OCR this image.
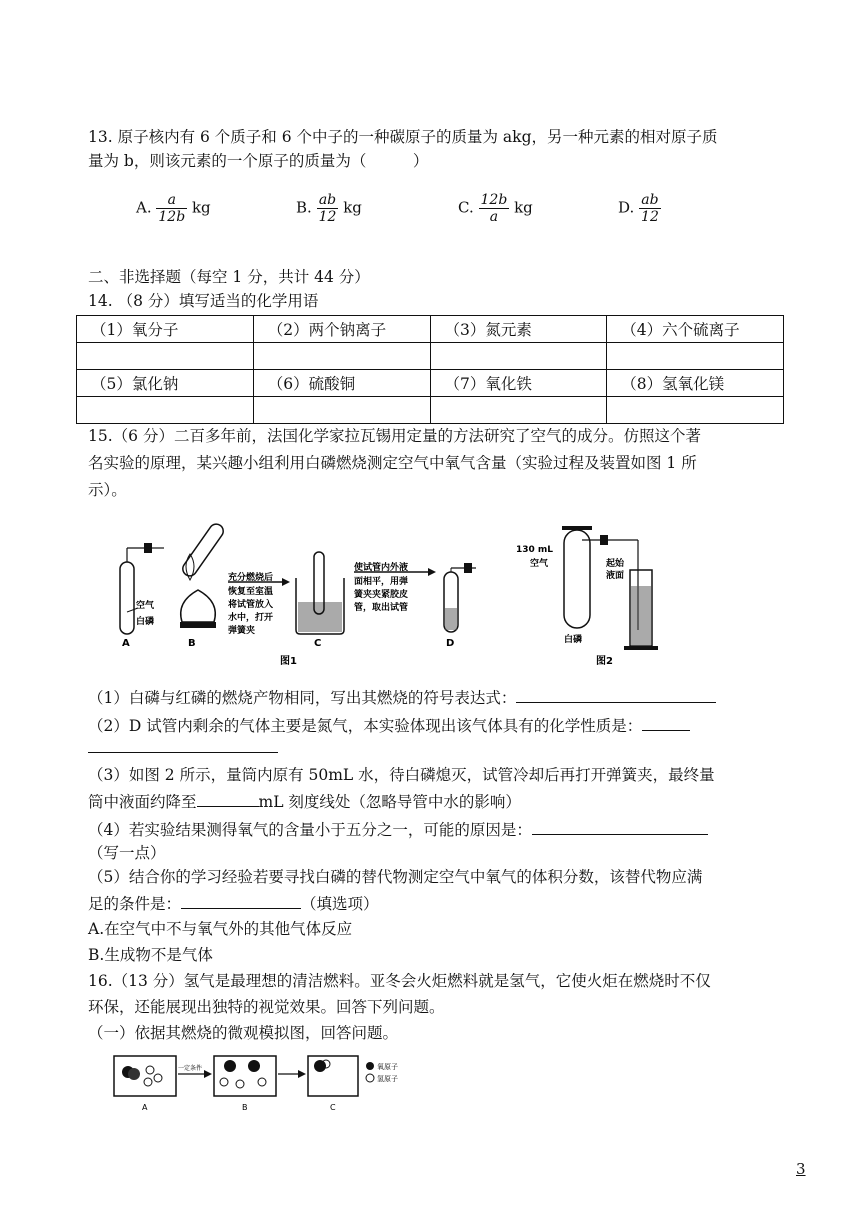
13. 原子核内有 6 个质子和 6 个中子的一种碳原子的质量为 akg，另一种元素的相对原子质
量为 b，则该元素的一个原子的质量为（　　　）
A. $\frac{a}{12b}$ kg	B. $\frac{ab}{12}$ kg	C. $\frac{12b}{a}$ kg	D. $\frac{ab}{12}$
二、非选择题（每空 1 分，共计 44 分）
14. （8 分）填写适当的化学用语
（1）氧分子	（2）两个钠离子	（3）氮元素	（4）六个硫离子

（5）氯化钠	（6）硫酸铜	（7）氧化铁	（8）氢氧化镁

15.（6 分）二百多年前，法国化学家拉瓦锡用定量的方法研究了空气的成分。仿照这个著
名实验的原理，某兴趣小组利用白磷燃烧测定空气中氧气含量（实验过程及装置如图 1 所
示）。
空气
白磷
A	B
充分燃烧后
恢复至室温
将试管放入
水中，打开
弹簧夹
C
使试管内外液
面相平，用弹
簧夹夹紧胶皮
管，取出试管
D
图1
130 mL
空气	起始
液面
白磷
图2
（1）白磷与红磷的燃烧产物相同，写出其燃烧的符号表达式：
（2）D 试管内剩余的气体主要是氮气，本实验体现出该气体具有的化学性质是：
（3）如图 2 所示，量筒内原有 50mL 水，待白磷熄灭，试管冷却后再打开弹簧夹，最终量
筒中液面约降至	mL 刻度线处（忽略导管中水的影响）
（4）若实验结果测得氧气的含量小于五分之一，可能的原因是：
（写一点）
（5）结合你的学习经验若要寻找白磷的替代物测定空气中氧气的体积分数，该替代物应满
足的条件是：	（填选项）
A.在空气中不与氧气外的其他气体反应
B.生成物不是气体
16.（13 分）氢气是最理想的清洁燃料。亚冬会火炬燃料就是氢气，它使火炬在燃烧时不仅
环保，还能展现出独特的视觉效果。回答下列问题。
（一）依据其燃烧的微观模拟图，回答问题。
一定条件	氧原子
氢原子
A	B	C
3
